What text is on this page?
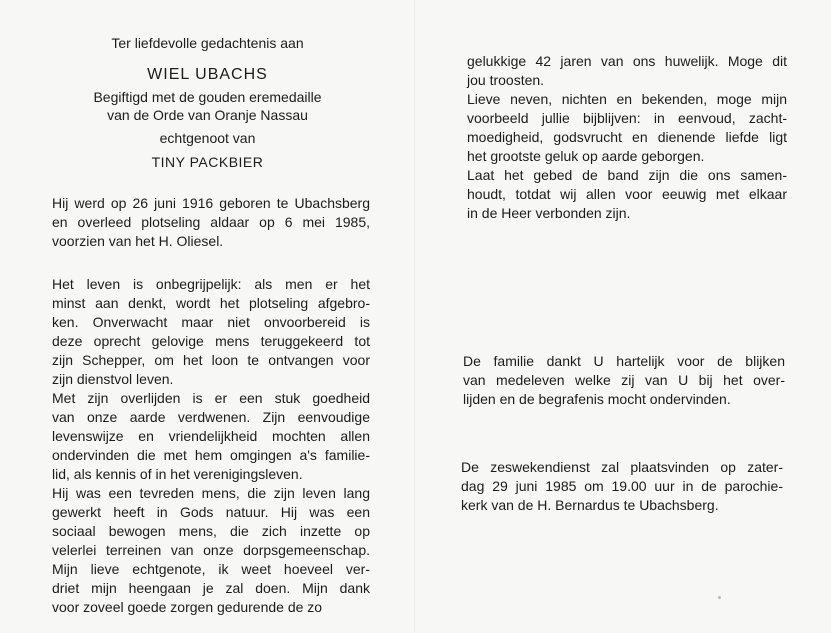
Ter liefdevolle gedachtenis aan
WIEL UBACHS
Begiftigd met de gouden eremedaille
van de Orde van Oranje Nassau
echtgenoot van
TINY PACKBIER
Hij werd op 26 juni 1916 geboren te Ubachsberg
en overleed plotseling aldaar op 6 mei 1985,
voorzien van het H. Oliesel.
Het leven is onbegrijpelijk: als men er het
minst aan denkt, wordt het plotseling afgebro-
ken. Onverwacht maar niet onvoorbereid is
deze oprecht gelovige mens teruggekeerd tot
zijn Schepper, om het loon te ontvangen voor
zijn dienstvol leven.
Met zijn overlijden is er een stuk goedheid
van onze aarde verdwenen. Zijn eenvoudige
levenswijze en vriendelijkheid mochten allen
ondervinden die met hem omgingen a's familie-
lid, als kennis of in het verenigingsleven.
Hij was een tevreden mens, die zijn leven lang
gewerkt heeft in Gods natuur. Hij was een
sociaal bewogen mens, die zich inzette op
velerlei terreinen van onze dorpsgemeenschap.
Mijn lieve echtgenote, ik weet hoeveel ver-
driet mijn heengaan je zal doen. Mijn dank
voor zoveel goede zorgen gedurende de zo
gelukkige 42 jaren van ons huwelijk. Moge dit
jou troosten.
Lieve neven, nichten en bekenden, moge mijn
voorbeeld jullie bijblijven: in eenvoud, zacht-
moedigheid, godsvrucht en dienende liefde ligt
het grootste geluk op aarde geborgen.
Laat het gebed de band zijn die ons samen-
houdt, totdat wij allen voor eeuwig met elkaar
in de Heer verbonden zijn.
De familie dankt U hartelijk voor de blijken
van medeleven welke zij van U bij het over-
lijden en de begrafenis mocht ondervinden.
De zeswekendienst zal plaatsvinden op zater-
dag 29 juni 1985 om 19.00 uur in de parochie-
kerk van de H. Bernardus te Ubachsberg.
